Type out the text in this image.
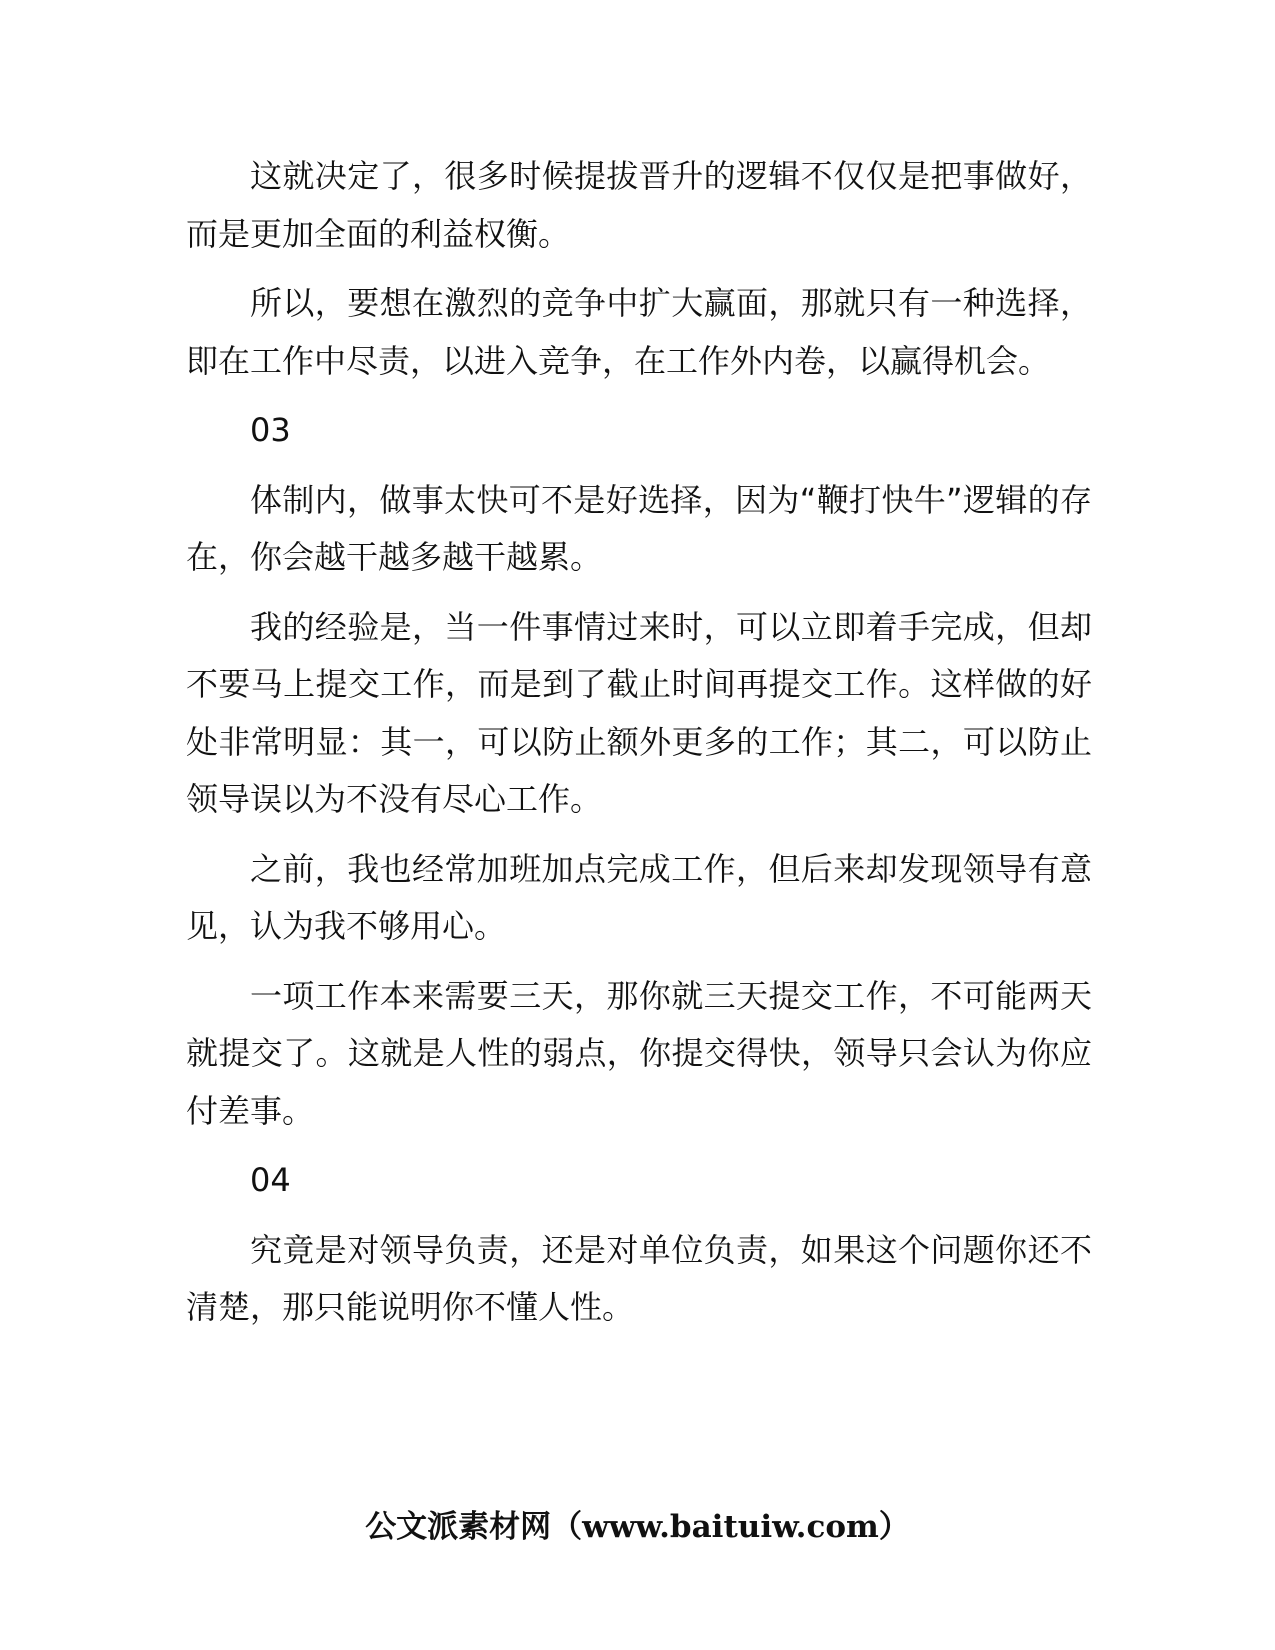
这就决定了，很多时候提拔晋升的逻辑不仅仅是把事做好，而是更加全面的利益权衡。

所以，要想在激烈的竞争中扩大赢面，那就只有一种选择，即在工作中尽责，以进入竞争，在工作外内卷，以赢得机会。

03

体制内，做事太快可不是好选择，因为“鞭打快牛”逻辑的存在，你会越干越多越干越累。

我的经验是，当一件事情过来时，可以立即着手完成，但却不要马上提交工作，而是到了截止时间再提交工作。这样做的好处非常明显：其一，可以防止额外更多的工作；其二，可以防止领导误以为不没有尽心工作。

之前，我也经常加班加点完成工作，但后来却发现领导有意见，认为我不够用心。

一项工作本来需要三天，那你就三天提交工作，不可能两天就提交了。这就是人性的弱点，你提交得快，领导只会认为你应付差事。

04

究竟是对领导负责，还是对单位负责，如果这个问题你还不清楚，那只能说明你不懂人性。

公文派素材网（www.baituiw.com）
